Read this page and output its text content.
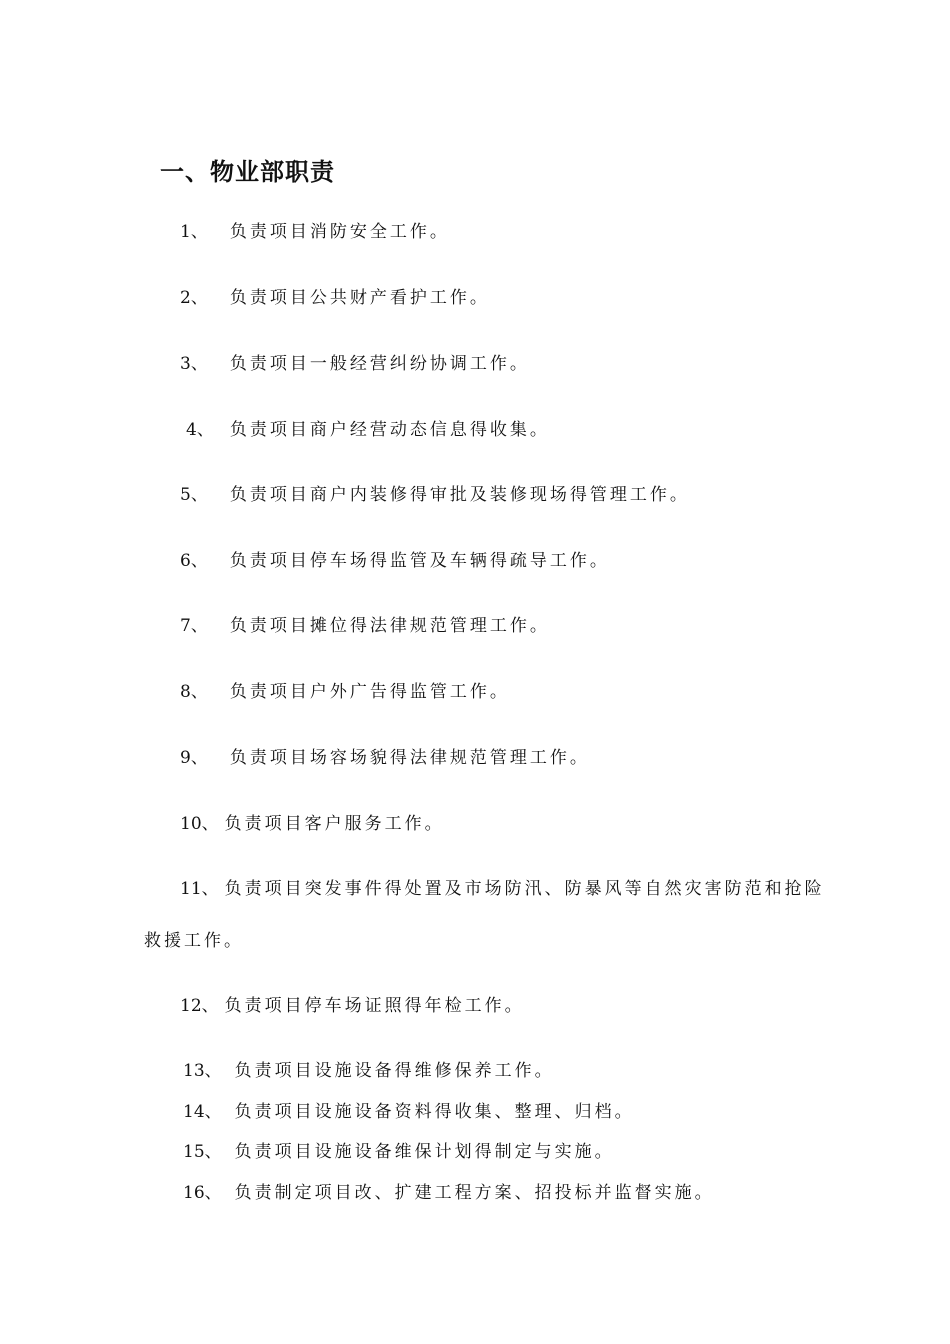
一、物业部职责
1、 负责项目消防安全工作。
2、 负责项目公共财产看护工作。
3、 负责项目一般经营纠纷协调工作。
4、 负责项目商户经营动态信息得收集。
5、 负责项目商户内装修得审批及装修现场得管理工作。
6、 负责项目停车场得监管及车辆得疏导工作。
7、 负责项目摊位得法律规范管理工作。
8、 负责项目户外广告得监管工作。
9、 负责项目场容场貌得法律规范管理工作。
10、 负责项目客户服务工作。
11、 负责项目突发事件得处置及市场防汛、防暴风等自然灾害防范和抢险
救援工作。
12、 负责项目停车场证照得年检工作。
13、 负责项目设施设备得维修保养工作。
14、 负责项目设施设备资料得收集、整理、归档。
15、 负责项目设施设备维保计划得制定与实施。
16、 负责制定项目改、扩建工程方案、招投标并监督实施。
